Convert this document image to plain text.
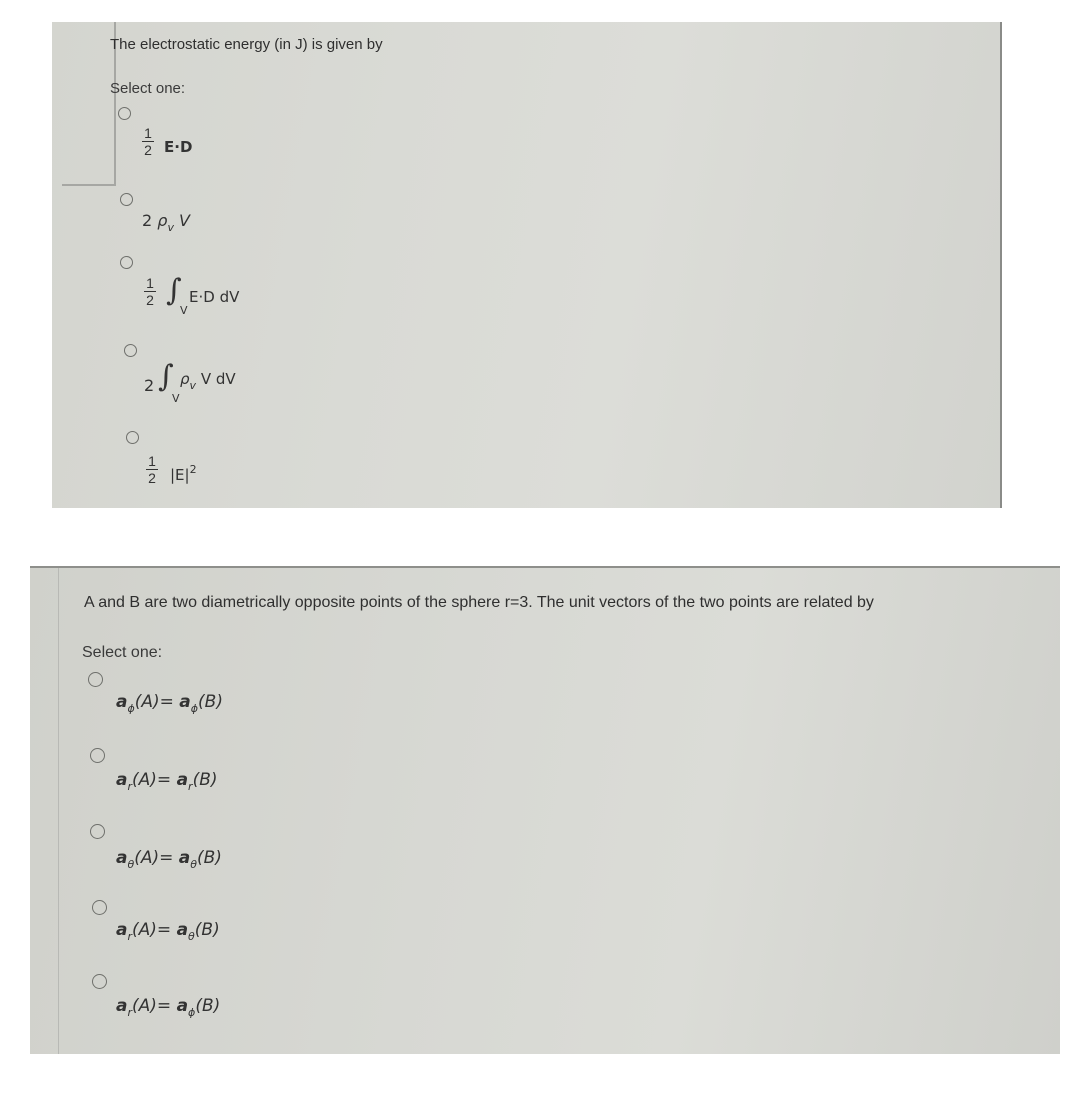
The electrostatic energy (in J) is given by
Select one:
1
2 E·D
2 $\rho_v$ V
1
2 ∫
V
E·D dV
2 ∫
V
$\rho_v$ V dV
1
2 $|E|^2$
A and B are two diametrically opposite points of the sphere r=3. The unit vectors of the two points are related by
Select one:
$a_\phi(A)= a_\phi(B)$
$a_r(A)= a_r(B)$
$a_\theta(A)= a_\theta(B)$
$a_r(A)= a_\theta(B)$
$a_r(A)= a_\phi(B)$
